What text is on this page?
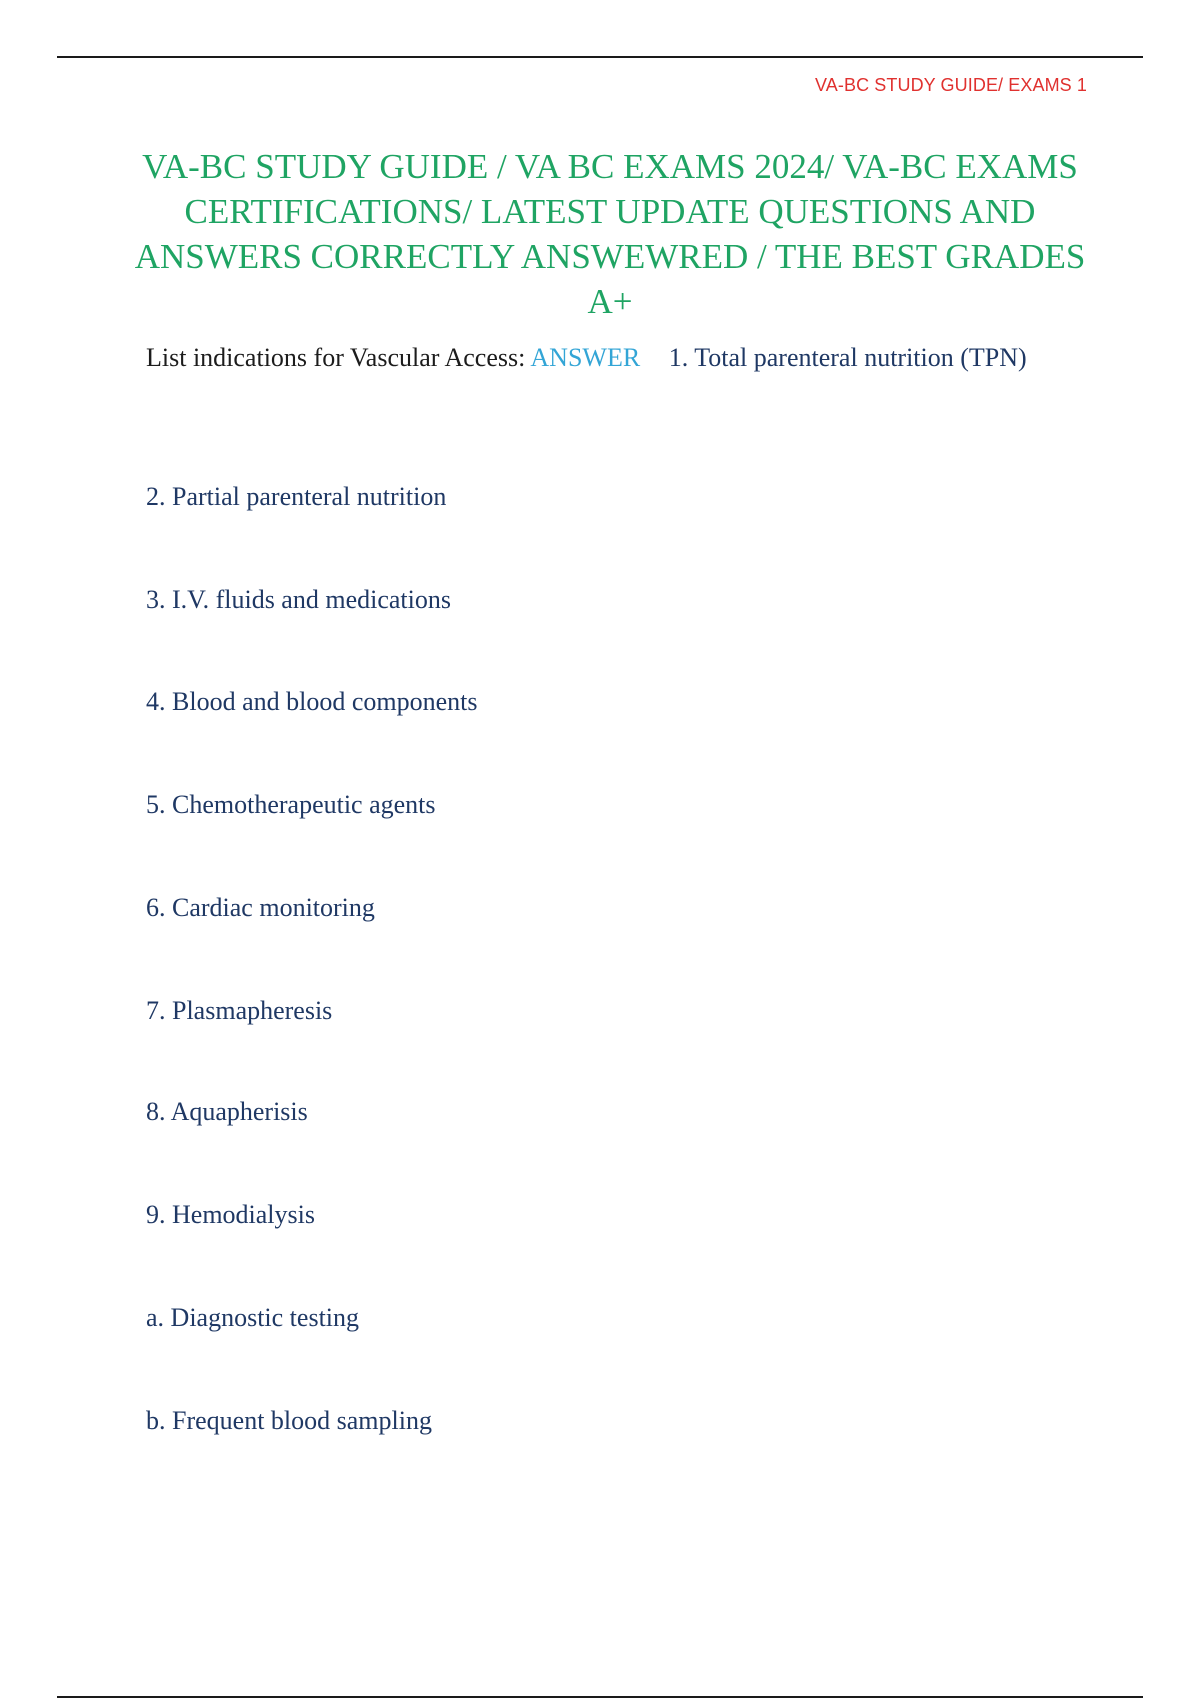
VA-BC STUDY GUIDE/ EXAMS 1
VA-BC STUDY GUIDE / VA BC EXAMS 2024/ VA-BC EXAMS CERTIFICATIONS/ LATEST UPDATE QUESTIONS AND ANSWERS CORRECTLY ANSWEWRED / THE BEST GRADES A+

List indications for Vascular Access: ANSWER 1. Total parenteral nutrition (TPN)

2. Partial parenteral nutrition

3. I.V. fluids and medications

4. Blood and blood components

5. Chemotherapeutic agents

6. Cardiac monitoring

7. Plasmapheresis

8. Aquapherisis

9. Hemodialysis

a. Diagnostic testing

b. Frequent blood sampling
